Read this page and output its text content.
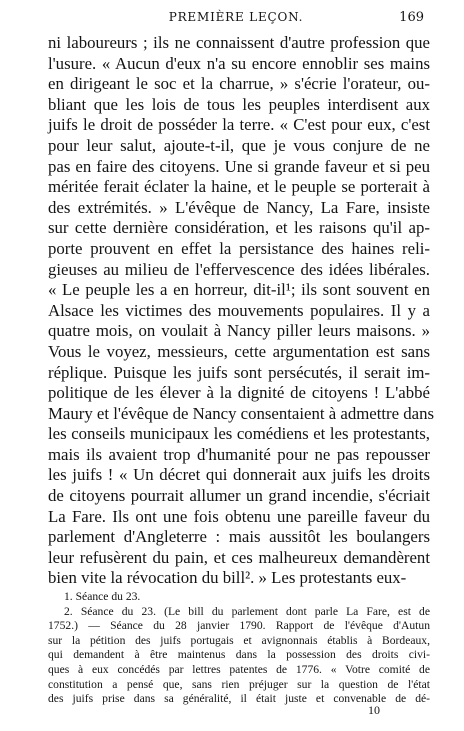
PREMIÈRE LEÇON.	169
ni laboureurs ; ils ne connaissent d'autre profession que
l'usure. « Aucun d'eux n'a su encore ennoblir ses mains
en dirigeant le soc et la charrue, » s'écrie l'orateur, ou-
bliant que les lois de tous les peuples interdisent aux
juifs le droit de posséder la terre. « C'est pour eux, c'est
pour leur salut, ajoute-t-il, que je vous conjure de ne
pas en faire des citoyens. Une si grande faveur et si peu
méritée ferait éclater la haine, et le peuple se porterait à
des extrémités. » L'évêque de Nancy, La Fare, insiste
sur cette dernière considération, et les raisons qu'il ap-
porte prouvent en effet la persistance des haines reli-
gieuses au milieu de l'effervescence des idées libérales.
« Le peuple les a en horreur, dit-il¹; ils sont souvent en
Alsace les victimes des mouvements populaires. Il y a
quatre mois, on voulait à Nancy piller leurs maisons. »
Vous le voyez, messieurs, cette argumentation est sans
réplique. Puisque les juifs sont persécutés, il serait im-
politique de les élever à la dignité de citoyens ! L'abbé
Maury et l'évêque de Nancy consentaient à admettre dans
les conseils municipaux les comédiens et les protestants,
mais ils avaient trop d'humanité pour ne pas repousser
les juifs ! « Un décret qui donnerait aux juifs les droits
de citoyens pourrait allumer un grand incendie, s'écriait
La Fare. Ils ont une fois obtenu une pareille faveur du
parlement d'Angleterre : mais aussitôt les boulangers
leur refusèrent du pain, et ces malheureux demandèrent
bien vite la révocation du bill². » Les protestants eux-
1. Séance du 23.
2. Séance du 23. (Le bill du parlement dont parle La Fare, est de
1752.) — Séance du 28 janvier 1790. Rapport de l'évêque d'Autun
sur la pétition des juifs portugais et avignonnais établis à Bordeaux,
qui demandent à être maintenus dans la possession des droits civi-
ques à eux concédés par lettres patentes de 1776. « Votre comité de
constitution a pensé que, sans rien préjuger sur la question de l'état
des juifs prise dans sa généralité, il était juste et convenable de dé-
10
